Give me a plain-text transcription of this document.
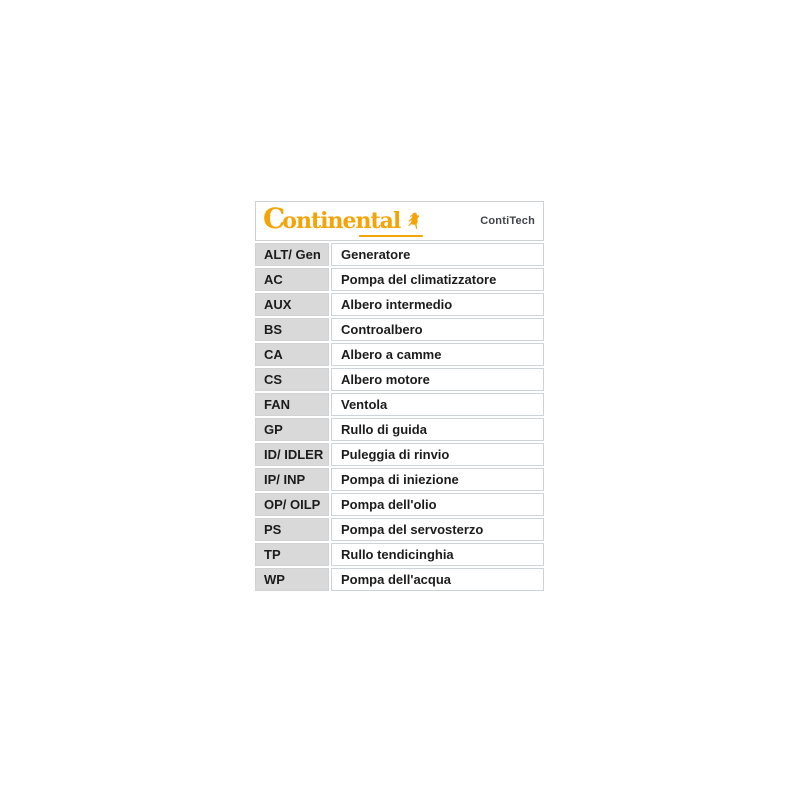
C ontinental	ContiTech
ALT/ Gen	Generatore
AC	Pompa del climatizzatore
AUX	Albero intermedio
BS	Controalbero
CA	Albero a camme
CS	Albero motore
FAN	Ventola
GP	Rullo di guida
ID/ IDLER	Puleggia di rinvio
IP/ INP	Pompa di iniezione
OP/ OILP	Pompa dell'olio
PS	Pompa del servosterzo
TP	Rullo tendicinghia
WP	Pompa dell'acqua
